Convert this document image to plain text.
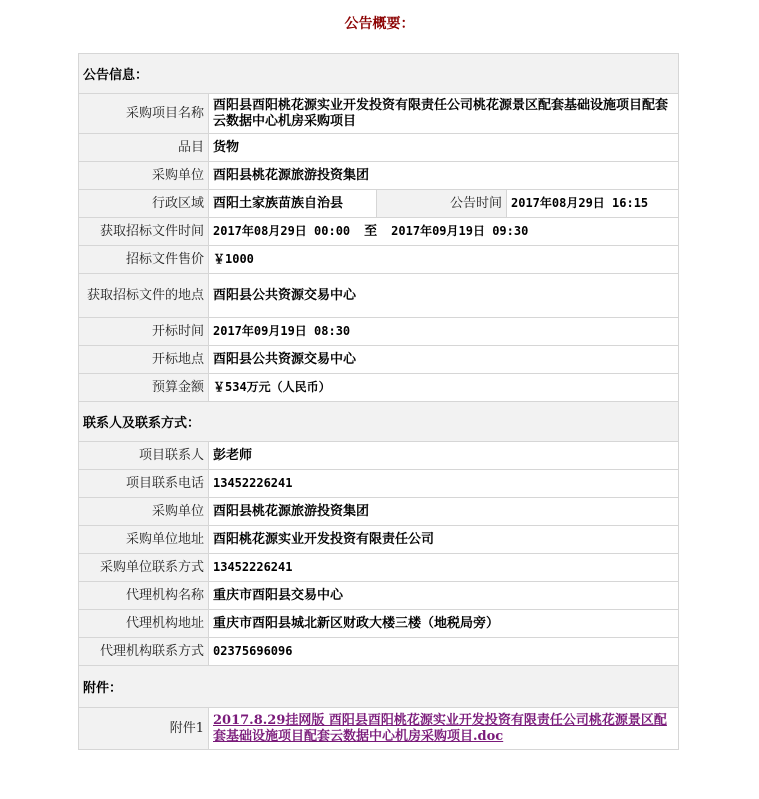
公告概要：
公告信息：			
采购项目名称	酉阳县酉阳桃花源实业开发投资有限责任公司桃花源景区配套基础设施项目配套云数据中心机房采购项目		
品目	货物		
采购单位	酉阳县桃花源旅游投资集团		
行政区域	酉阳土家族苗族自治县	公告时间	2017年08月29日 16:15
获取招标文件时间	2017年08月29日 00:00 至 2017年09月19日 09:30		
招标文件售价	￥1000		
获取招标文件的地点	酉阳县公共资源交易中心		
开标时间	2017年09月19日 08:30		
开标地点	酉阳县公共资源交易中心		
预算金额	￥534万元（人民币）		
联系人及联系方式：			
项目联系人	彭老师		
项目联系电话	13452226241		
采购单位	酉阳县桃花源旅游投资集团		
采购单位地址	酉阳桃花源实业开发投资有限责任公司		
采购单位联系方式	13452226241		
代理机构名称	重庆市酉阳县交易中心		
代理机构地址	重庆市酉阳县城北新区财政大楼三楼（地税局旁）		
代理机构联系方式	02375696096		
附件：			
附件1	2017.8.29挂网版 酉阳县酉阳桃花源实业开发投资有限责任公司桃花源景区配套基础设施项目配套云数据中心机房采购项目.doc		
